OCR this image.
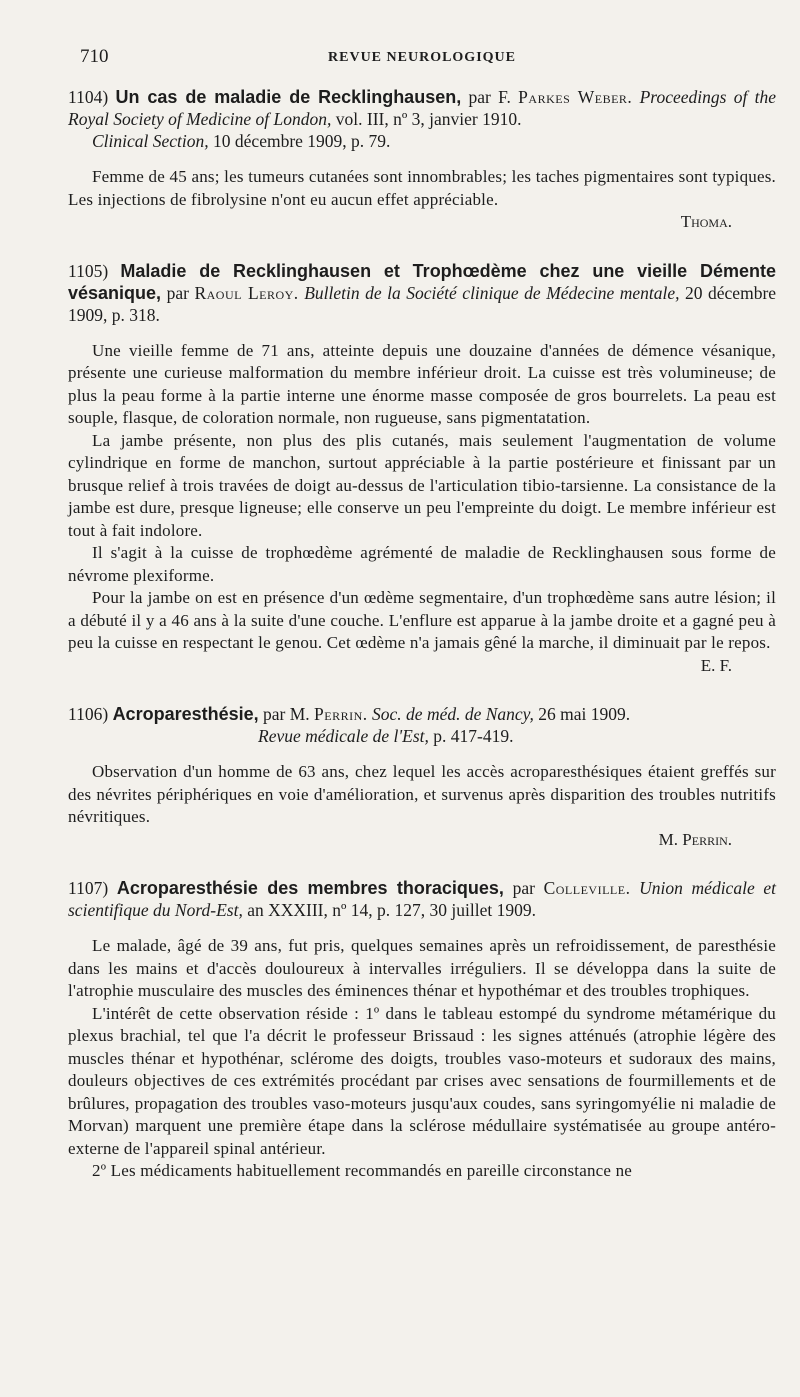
710	REVUE NEUROLOGIQUE
1104) Un cas de maladie de Recklinghausen, par F. Parkes Weber. Proceedings of the Royal Society of Medicine of London, vol. III, nº 3, janvier 1910.
Clinical Section, 10 décembre 1909, p. 79.

Femme de 45 ans; les tumeurs cutanées sont innombrables; les taches pigmentaires sont typiques. Les injections de fibrolysine n'ont eu aucun effet appréciable.

Thoma.
1105) Maladie de Recklinghausen et Trophœdème chez une vieille Démente vésanique, par Raoul Leroy. Bulletin de la Société clinique de Médecine mentale, 20 décembre 1909, p. 318.

Une vieille femme de 71 ans, atteinte depuis une douzaine d'années de démence vésanique, présente une curieuse malformation du membre inférieur droit. La cuisse est très volumineuse; de plus la peau forme à la partie interne une énorme masse composée de gros bourrelets. La peau est souple, flasque, de coloration normale, non rugueuse, sans pigmentatation.

La jambe présente, non plus des plis cutanés, mais seulement l'augmentation de volume cylindrique en forme de manchon, surtout appréciable à la partie postérieure et finissant par un brusque relief à trois travées de doigt au-dessus de l'articulation tibio-tarsienne. La consistance de la jambe est dure, presque ligneuse; elle conserve un peu l'empreinte du doigt. Le membre inférieur est tout à fait indolore.

Il s'agit à la cuisse de trophœdème agrémenté de maladie de Recklinghausen sous forme de névrome plexiforme.

Pour la jambe on est en présence d'un œdème segmentaire, d'un trophœdème sans autre lésion; il a débuté il y a 46 ans à la suite d'une couche. L'enflure est apparue à la jambe droite et a gagné peu à peu la cuisse en respectant le genou. Cet œdème n'a jamais gêné la marche, il diminuait par le repos.

E. F.
1106) Acroparesthésie, par M. Perrin. Soc. de méd. de Nancy, 26 mai 1909.
Revue médicale de l'Est, p. 417-419.

Observation d'un homme de 63 ans, chez lequel les accès acroparesthésiques étaient greffés sur des névrites périphériques en voie d'amélioration, et survenus après disparition des troubles nutritifs névritiques.

M. Perrin.
1107) Acroparesthésie des membres thoraciques, par Colleville. Union médicale et scientifique du Nord-Est, an XXXIII, nº 14, p. 127, 30 juillet 1909.

Le malade, âgé de 39 ans, fut pris, quelques semaines après un refroidissement, de paresthésie dans les mains et d'accès douloureux à intervalles irréguliers. Il se développa dans la suite de l'atrophie musculaire des muscles des éminences thénar et hypothémar et des troubles trophiques.

L'intérêt de cette observation réside : 1º dans le tableau estompé du syndrome métamérique du plexus brachial, tel que l'a décrit le professeur Brissaud : les signes atténués (atrophie légère des muscles thénar et hypothénar, sclérome des doigts, troubles vaso-moteurs et sudoraux des mains, douleurs objectives de ces extrémités procédant par crises avec sensations de fourmillements et de brûlures, propagation des troubles vaso-moteurs jusqu'aux coudes, sans syringomyélie ni maladie de Morvan) marquent une première étape dans la sclérose médullaire systématisée au groupe antéro-externe de l'appareil spinal antérieur.

2º Les médicaments habituellement recommandés en pareille circonstance ne
